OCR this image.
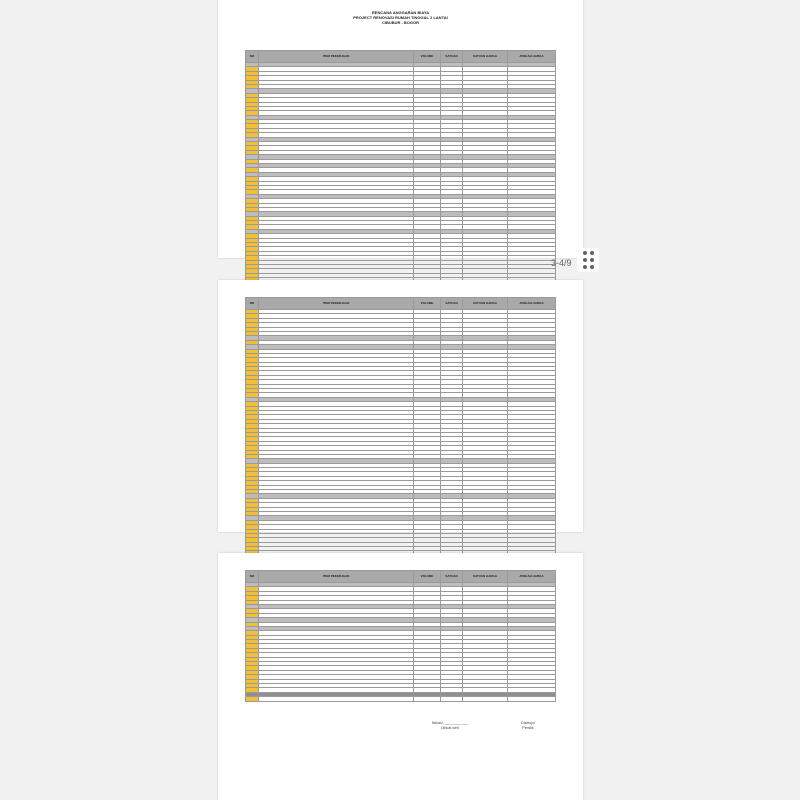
RENCANA ANGGARAN BIAYA
PROJECT RENOVASI RUMAH TINGGAL 2 LANTAI
CIBUBUR - BOGOR
NO	ITEM PEKERJAAN	VOLUME	SATUAN	SATUAN HARGA	JUMLAH HARGA

NO	ITEM PEKERJAAN	VOLUME	SATUAN	SATUAN HARGA	JUMLAH HARGA

NO	ITEM PEKERJAAN	VOLUME	SATUAN	SATUAN HARGA	JUMLAH HARGA

Bekasi, ____________
Dibuat oleh
Disetujui
Pemilik
3-4/9
